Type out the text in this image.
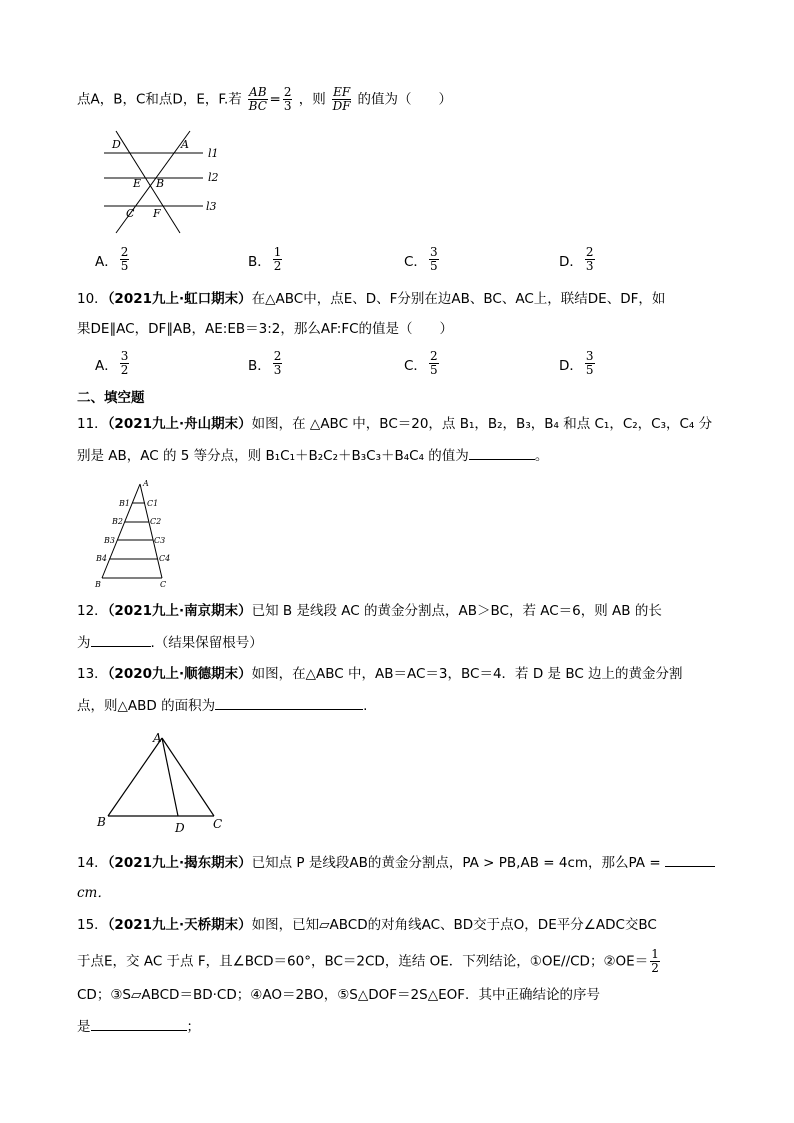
点A，B，C和点D，E，F.若 $\frac{AB}{BC} = \frac{2}{3}$ ，则 $\frac{EF}{DF}$ 的值为（　　）
D	A
l1
l2
E B
C F
l3
A． $\frac{2}{5}$	B． $\frac{1}{2}$	C． $\frac{3}{5}$	D． $\frac{2}{3}$
10．（2021九上·虹口期末）在△ABC中，点E、D、F分别在边AB、BC、AC上，联结DE、DF，如
果DE∥AC，DF∥AB，AE:EB＝3:2，那么AF:FC的值是（　　）
A． $\frac{3}{2}$	B． $\frac{2}{3}$	C． $\frac{2}{5}$	D． $\frac{3}{5}$
二、填空题
11．（2021九上·舟山期末）如图，在 △ABC 中，BC＝20，点 B₁，B₂，B₃，B₄ 和点 C₁，C₂，C₃，C₄ 分
别是 AB，AC 的 5 等分点，则 B₁C₁＋B₂C₂＋B₃C₃＋B₄C₄ 的值为	。
A
B1 C1
B2	C2
B3	C3
B4	C4
B	C
12．（2021九上·南京期末）已知 B 是线段 AC 的黄金分割点，AB＞BC，若 AC＝6，则 AB 的长
为	.（结果保留根号）
13．（2020九上·顺德期末）如图，在△ABC 中，AB＝AC＝3，BC＝4．若 D 是 BC 边上的黄金分割
点，则△ABD 的面积为	.
A
B	D C
14．（2021九上·揭东期末）已知点 P 是线段AB的黄金分割点，PA > PB,AB = 4cm，那么PA =
cm．
15．（2021九上·天桥期末）如图，已知▱ABCD的对角线AC、BD交于点O，DE平分∠ADC交BC
于点E，交 AC 于点 F，且∠BCD＝60°，BC＝2CD，连结 OE．下列结论，①OE//CD；②OE＝ $\frac{1}{2}$
CD；③S▱ABCD＝BD·CD；④AO＝2BO，⑤S△DOF＝2S△EOF．其中正确结论的序号
是	；
